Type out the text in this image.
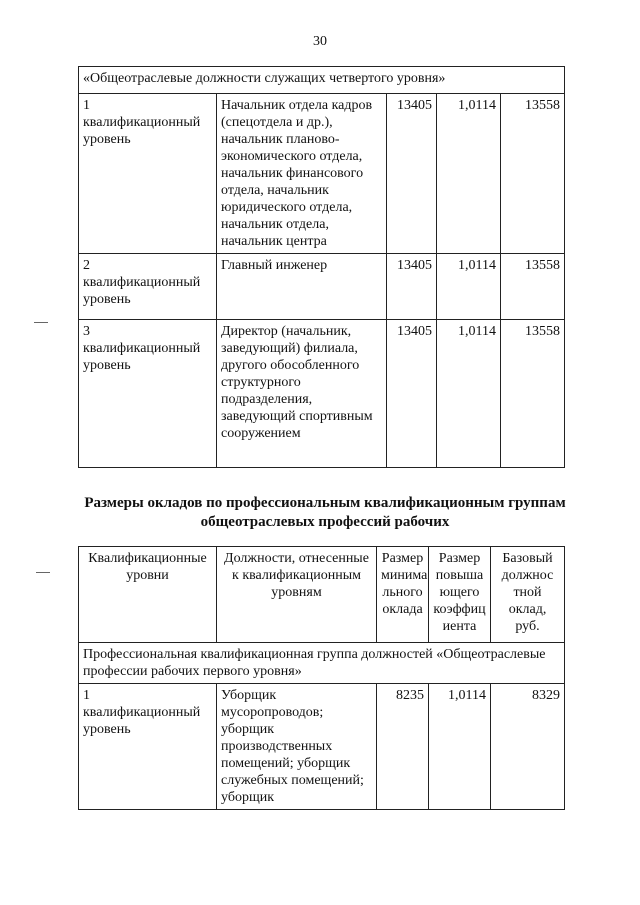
30
«Общеотраслевые должности служащих четвертого уровня»				
1
квалификационный
уровень	Начальник отдела кадров (спецотдела и др.), начальник планово-экономического отдела, начальник финансового отдела, начальник юридического отдела, начальник отдела, начальник центра	13405	1,0114	13558
2
квалификационный
уровень	Главный инженер	13405	1,0114	13558
3
квалификационный
уровень	Директор (начальник, заведующий) филиала, другого обособленного структурного подразделения, заведующий спортивным сооружением	13405	1,0114	13558
Размеры окладов по профессиональным квалификационным группам общеотраслевых профессий рабочих
Квалификационные уровни	Должности, отнесенные к квалификационным уровням	Размер минима льного оклада	Размер повыша ющего коэффиц иента	Базовый должнос тной оклад, руб.
Профессиональная квалификационная группа должностей «Общеотраслевые профессии рабочих первого уровня»				
1
квалификационный
уровень	Уборщик мусоропроводов; уборщик производственных помещений; уборщик служебных помещений; уборщик	8235	1,0114	8329
